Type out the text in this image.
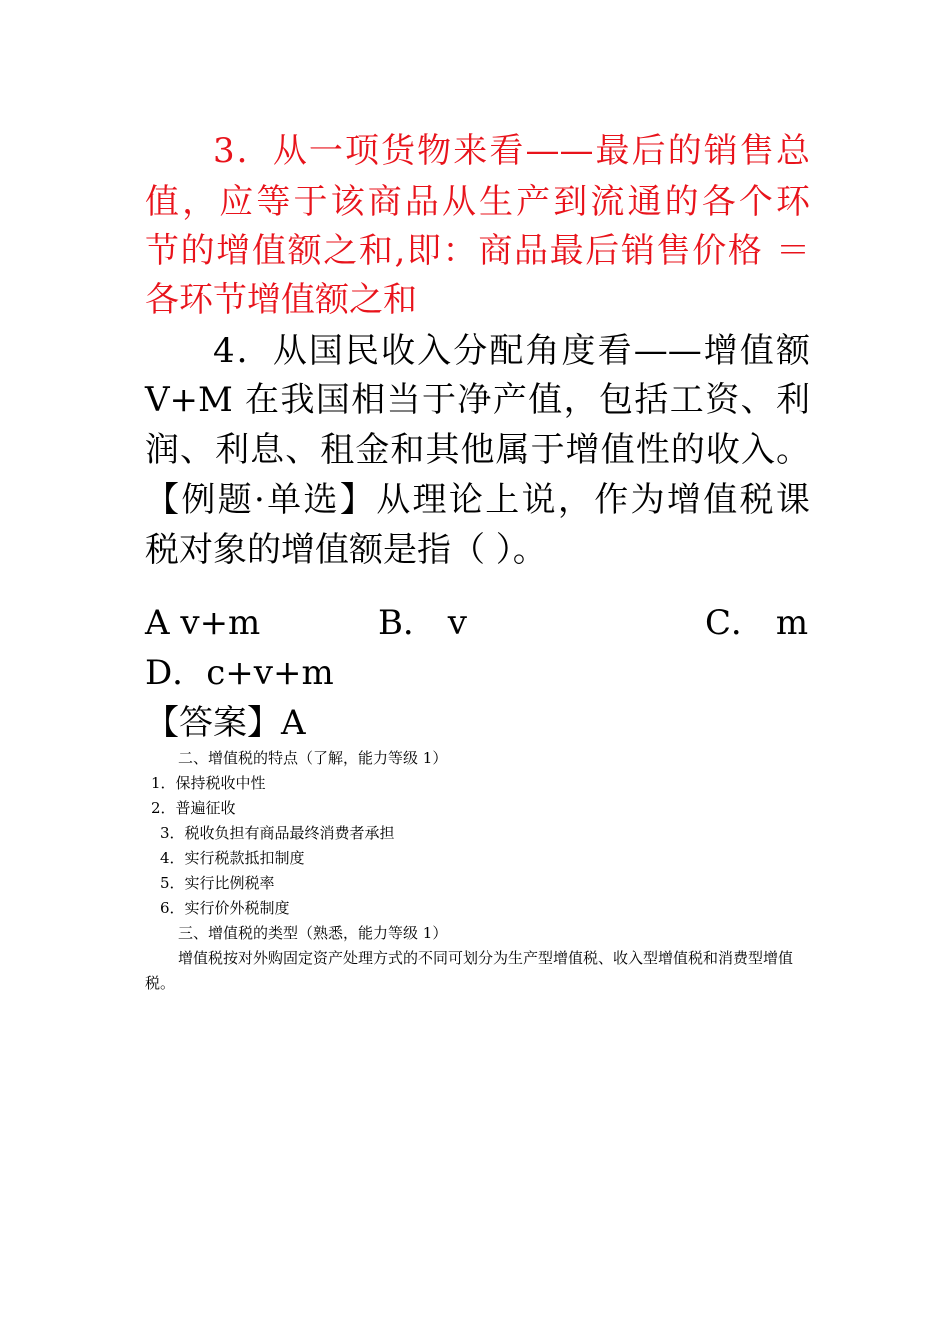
3．从一项货物来看——最后的销售总
值，应等于该商品从生产到流通的各个环
节的增值额之和,即：商品最后销售价格 ＝
各环节增值额之和
4．从国民收入分配角度看——增值额
V+M 在我国相当于净产值，包括工资、利
润、利息、租金和其他属于增值性的收入。
【例题·单选】从理论上说，作为增值税课
税对象的增值额是指（ ）。
A v+m	B． v	C． m
D．c+v+m
【答案】A
二、增值税的特点（了解，能力等级 1）
1．保持税收中性
2．普遍征收
3．税收负担有商品最终消费者承担
4．实行税款抵扣制度
5．实行比例税率
6．实行价外税制度
三、增值税的类型（熟悉，能力等级 1）
增值税按对外购固定资产处理方式的不同可划分为生产型增值税、收入型增值税和消费型增值税。
